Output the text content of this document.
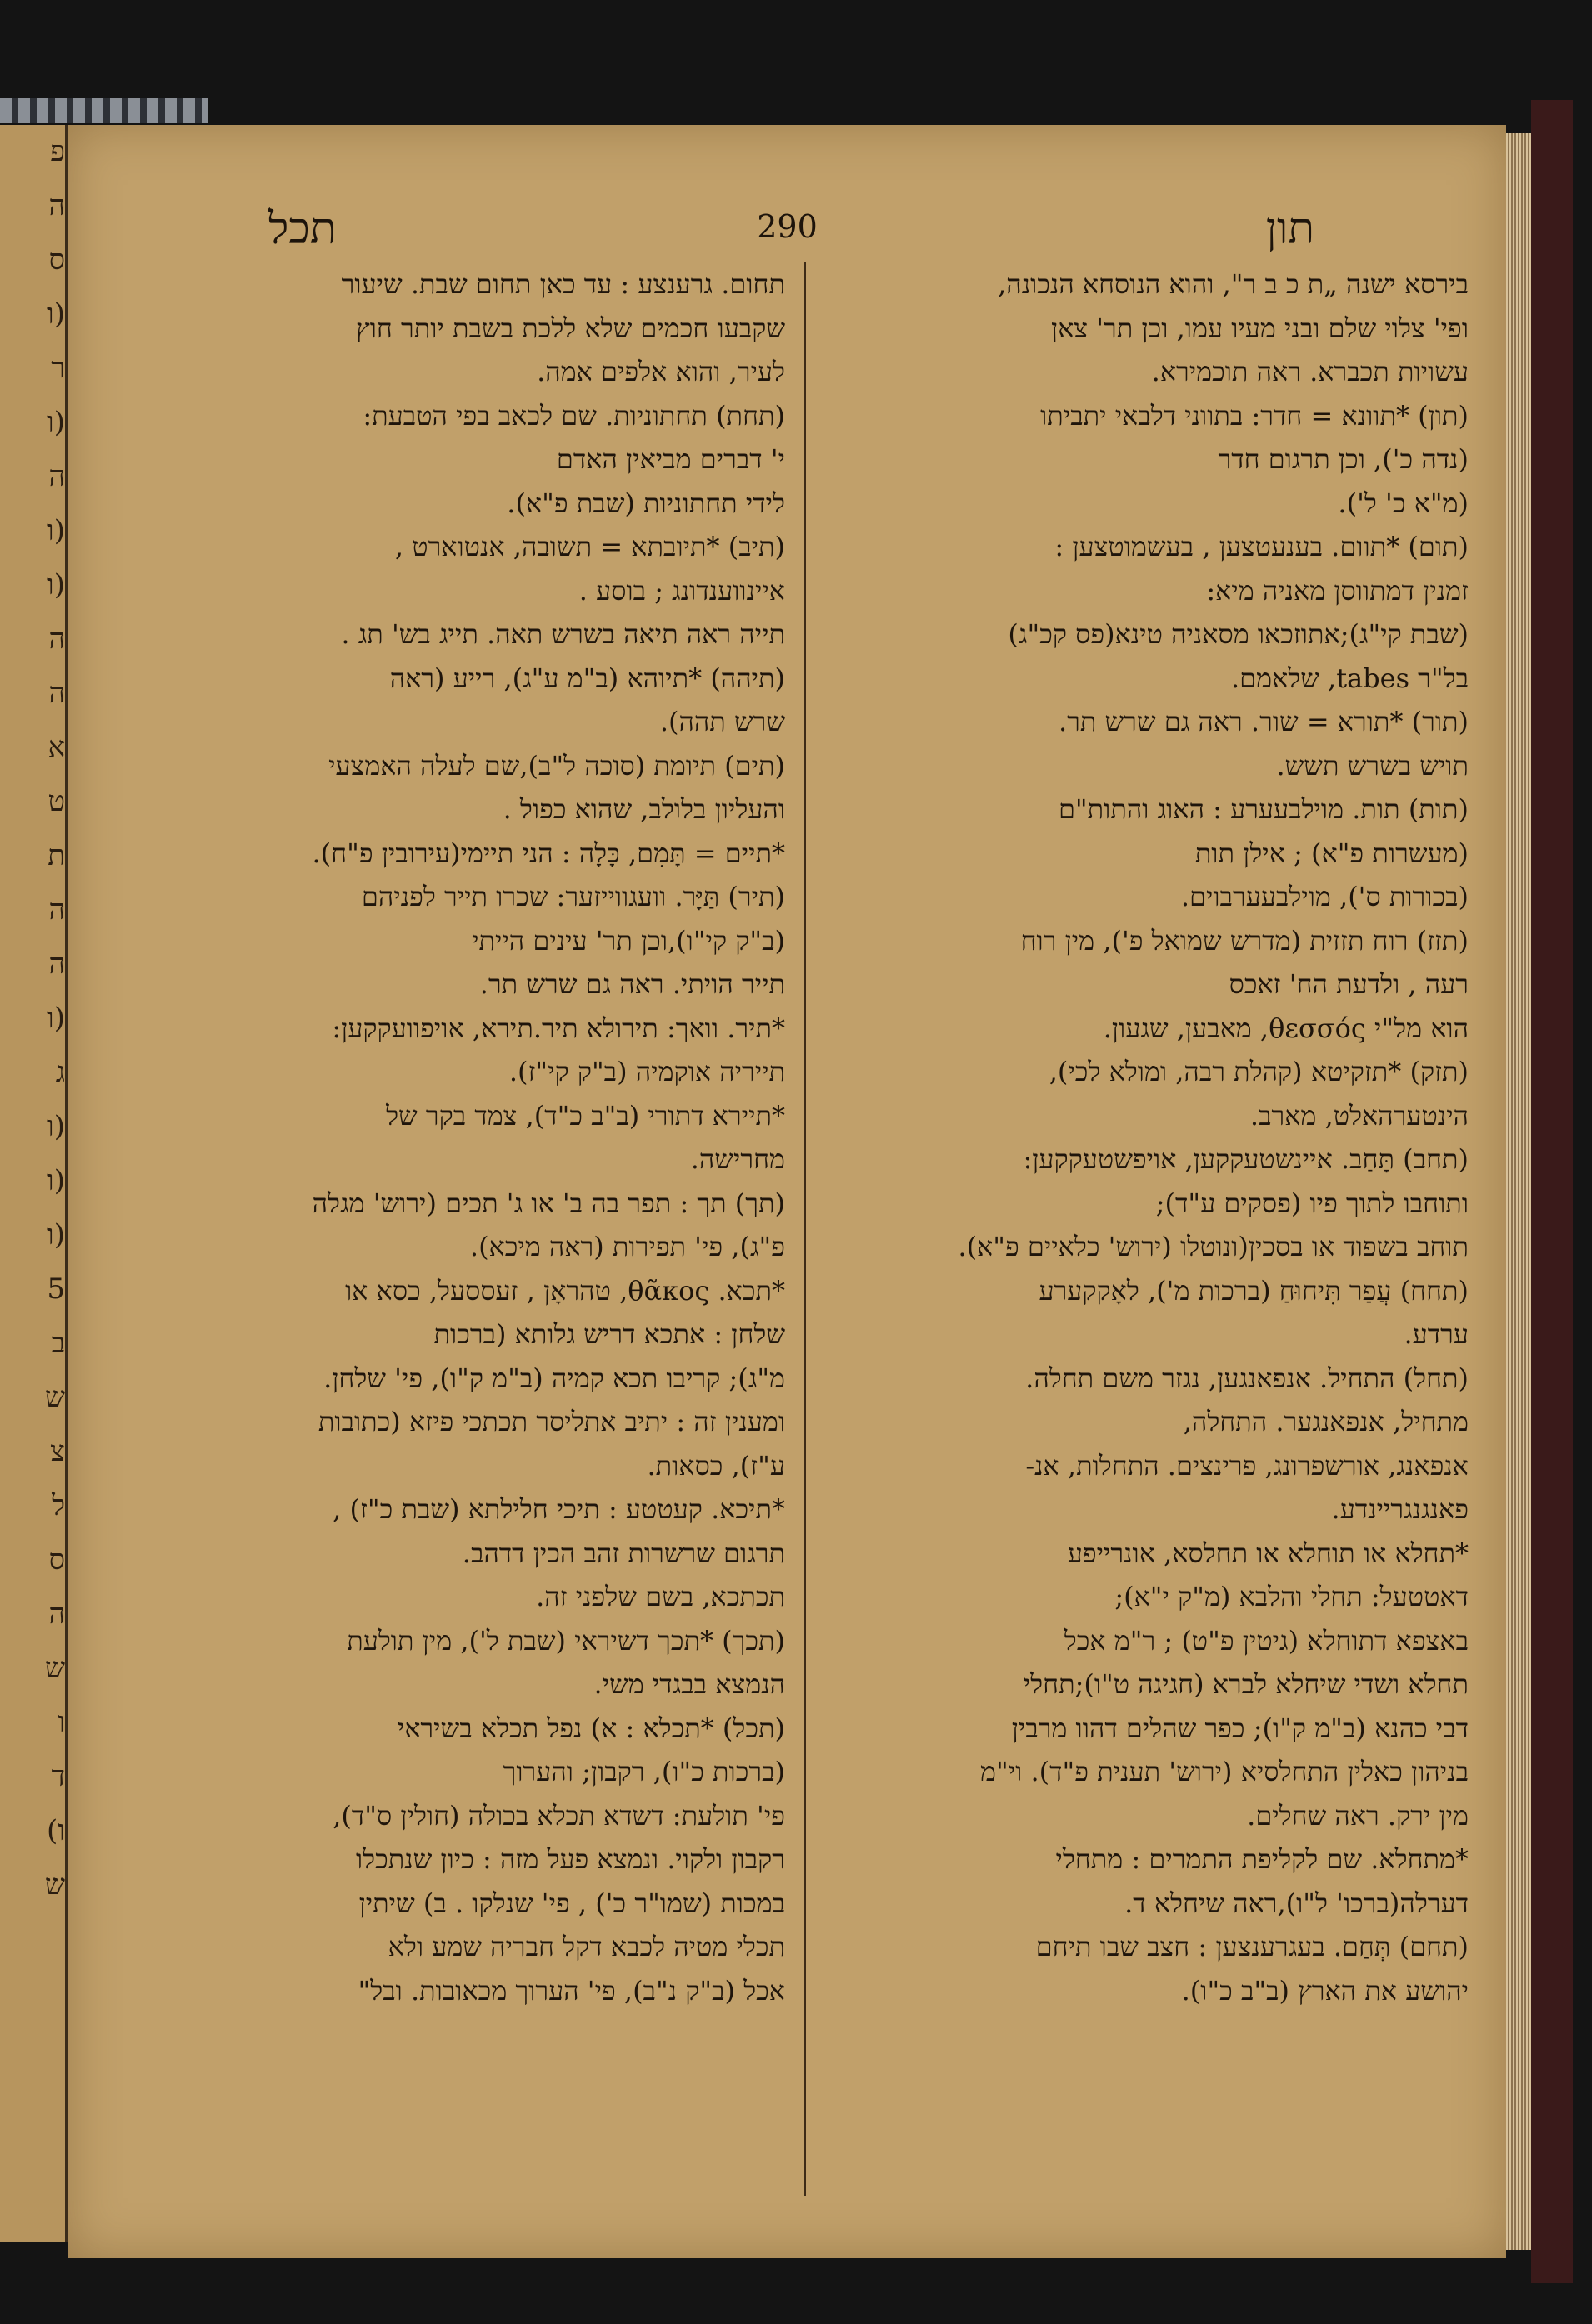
פ
ה
ס
(ו
ר
(ו
ה
(ו
(ו
ה
ה
א
ט
ת
ה
ה
(ו
ג
(ו
(ו
(ו
5
ב
ש
צ
ל
ס
ה
ש
ו
ד
ו)
ש
תכל	290	תון
בירסא ישנה „ת כ ב ר", והוא הנוסחא הנכונה,
ופי' צלוי שלם ובני מעיו עמו, וכן תר' צאן
עשויות תכברא. ראה תוכמירא.
(תון) *תוונא = חדר: בתווני דלבאי יתביתו
(נדה כ'), וכן תרגום חדר
(מ"א כ' ל').
(תום) *תוום. בענעטצען , בעשמוטצען :
זמנין דמתווסן מאניה מיא:
(שבת קי"ג);אתוזכאו מסאניה טינא(פס קכ"ג)
בל"ר tabes, שלאמם.
(תור) *תורא = שור. ראה גם שרש תר.
תויש בשרש תשש.
(תות) תות. מוילבעערע : האוג והתות"ם
(מעשרות פ"א) ; אילן תות
(בכורות ס'), מוילבעערבוים.
(תזז) רוח תזזית (מדרש שמואל פ'), מין רוח
רעה , ולדעת הח' זאכס
הוא מל"י θεσσός, מאבען, שגעון.
(תזק) *תזקיטא (קהלת רבה, ומולא לכי),
הינטערהאלט, מארב.
(תחב) תָּחַב. איינשטעקקען, אויפשטעקקען:
ותוחבו לתוך פיו (פסקים ע"ד);
תוחב בשפוד או בסכין(ונוטלו (ירוש' כלאיים פ"א).
(תחח) עֲפַר תִּיחוּחַ (ברכות מ'), לאָקקערע
ערדע.
(תחל) התחיל. אנפאנגען, נגזר משם תחלה.
מתחיל, אנפאנגער. התחלה,
אנפאנג, אורשפרונג, פרינצים. התחלות, אנ-
פאנגנגריינדע.
*תחלא או תוחלא או תחלסא, אונרייפע
דאטטעל: תחלי והלבא (מ"ק י"א);
באצפא דתוחלא (גיטין פ"ט) ; ר"מ אכל
תחלא ושדי שיחלא לברא (חגיגה ט"ו);תחלי
דבי כהנא (ב"מ ק"ו); כפר שהלים דהוו מרבין
בניהון כאלין התחלסיא (ירוש' תענית פ"ד). וי"מ
מין ירק. ראה שחלים.
*מתחלא. שם לקליפת התמרים : מתחלי
דערלה(ברכו' ל"ו),ראה שיחלא ד.
(תחם) תְּחַם. בעגרענצען : חצב שבו תיחם
יהושע את הארץ (ב"ב כ"ו).
תחום. גרענצע : עד כאן תחום שבת. שיעור
שקבעו חכמים שלא ללכת בשבת יותר חוץ
לעיר, והוא אלפים אמה.
(תחת) תחתוניות. שם לכאב בפי הטבעת:
י' דברים מביאין האדם
לידי תחתוניות (שבת פ"א).
(תיב) *תיובתא = תשובה, אנטוארט ,
איינווענדונג ; בוסע .
תייה ראה תיאה בשרש תאה. תייג בש' תג .
(תיהה) *תיוהא (ב"מ ע"ג), רייע (ראה
שרש תהה).
(תים) תיומת (סוכה ל"ב),שם לעלה האמצעי
והעליון בלולב, שהוא כפול .
*תיים = תָּמִם, כָּלָה : הני תיימי(עירובין פ"ח).
(תיר) תַּיָּר. וועגווייזער: שכרו תייר לפניהם
(ב"ק קי"ו),וכן תר' עינים הייתי
תייר הויתי. ראה גם שרש תר.
*תיר. וואך: תירולא תיר.תירא, אויפוועקקען:
תייריה אוקמיה (ב"ק קי"ז).
*תיירא דתורי (ב"ב כ"ד), צמד בקר של
מחרישה.
(תך) תך : תפר בה ב' או ג' תכים (ירוש' מגלה
פ"ג), פי' תפירות (ראה מיכא).
*תכא. θᾶκος, טהראָן , זעססעל, כסא או
שלחן : אתכא דריש גלותא (ברכות
מ"ג); קריבו תכא קמיה (ב"מ ק"ו), פי' שלחן.
ומענין זה : יתיב אתליסר תכתכי פיזא (כתובות
ע"ז), כסאות.
*תיכא. קעטטע : תיכי חלילתא (שבת כ"ז) ,
תרגום שרשרות זהב הכין דדהב.
תכתכא, בשם שלפני זה.
(תכך) *תכך דשיראי (שבת ל'), מין תולעת
הנמצא בבגדי משי.
(תכל) *תכלא : א) נפל תכלא בשיראי
(ברכות כ"ו), רקבון; והערוך
פי' תולעת: דשדא תכלא בכולה (חולין ס"ד),
רקבון ולקוי. ונמצא פעל מזה : כיון שנתכלו
במכות (שמו"ר כ') , פי' שנלקו . ב) שיתין
תכלי מטיה לכבא דקל חבריה שמע ולא
אכל (ב"ק נ"ב), פי' הערוך מכאובות. ובל"
